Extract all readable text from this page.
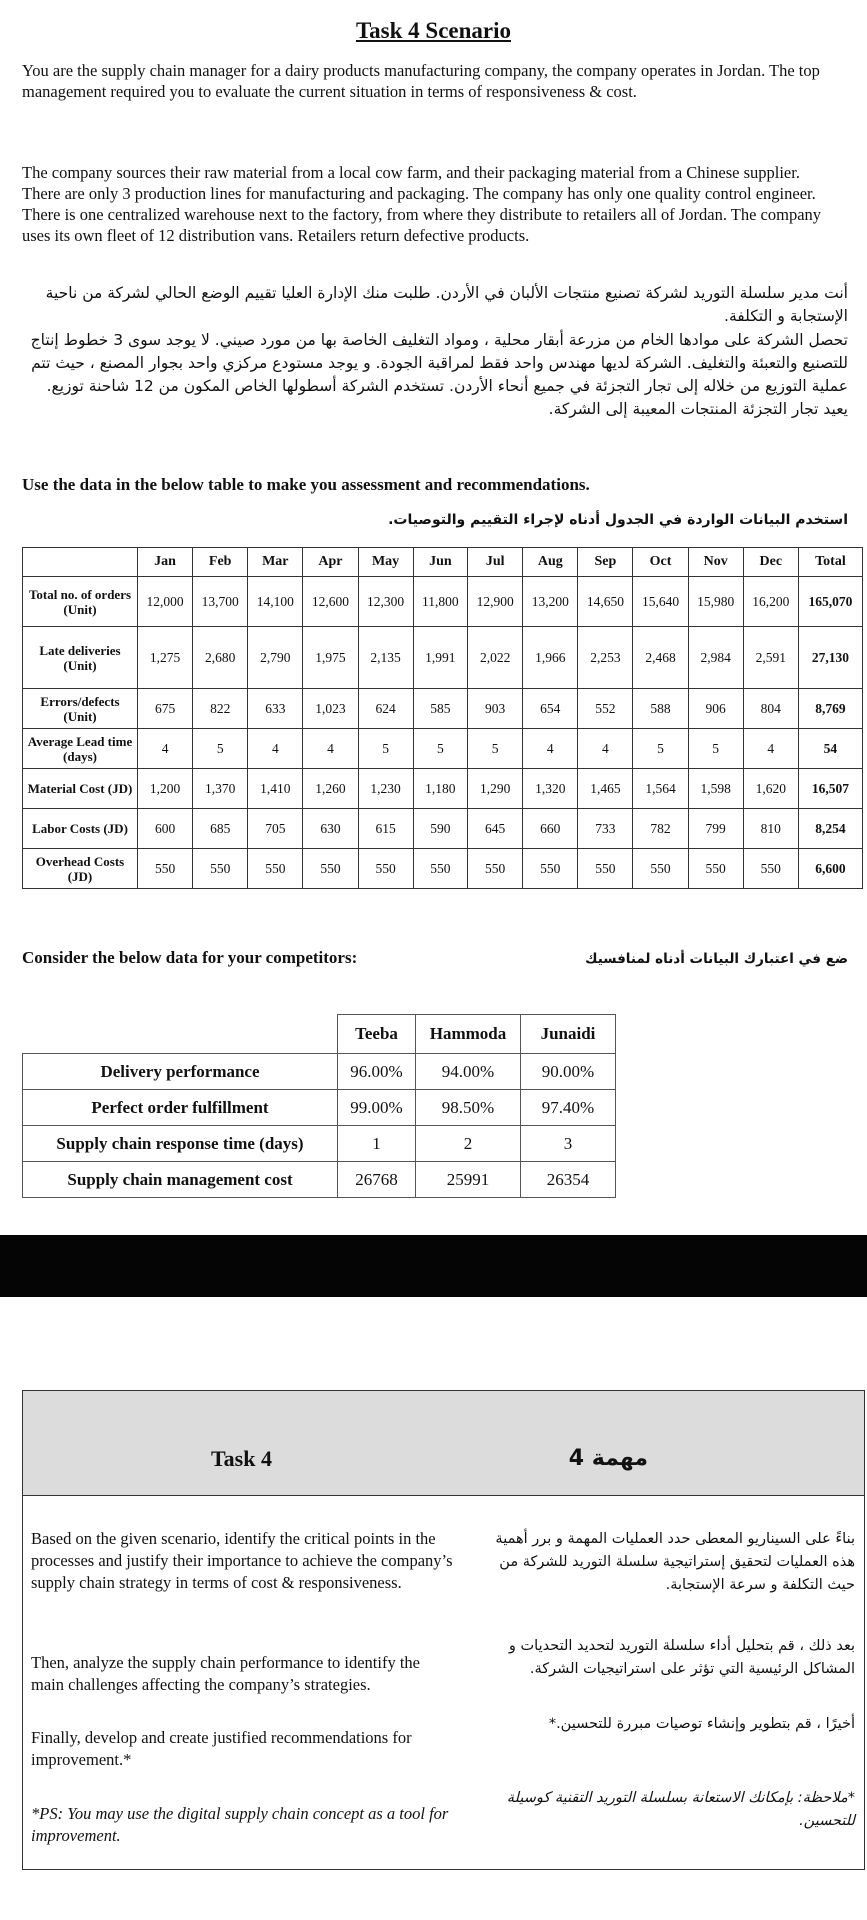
Task 4 Scenario
You are the supply chain manager for a dairy products manufacturing company, the company operates in Jordan. The top management required you to evaluate the current situation in terms of responsiveness & cost.
The company sources their raw material from a local cow farm, and their packaging material from a Chinese supplier. There are only 3 production lines for manufacturing and packaging. The company has only one quality control engineer. There is one centralized warehouse next to the factory, from where they distribute to retailers all of Jordan. The company uses its own fleet of 12 distribution vans. Retailers return defective products.
أنت مدير سلسلة التوريد لشركة تصنيع منتجات الألبان في الأردن. طلبت منك الإدارة العليا تقييم الوضع الحالي لشركة من ناحية الإستجابة و التكلفة.
تحصل الشركة على موادها الخام من مزرعة أبقار محلية ، ومواد التغليف الخاصة بها من مورد صيني. لا يوجد سوى 3 خطوط إنتاج للتصنيع والتعبئة والتغليف. الشركة لديها مهندس واحد فقط لمراقبة الجودة. و يوجد مستودع مركزي واحد بجوار المصنع ، حيث تتم عملية التوزيع من خلاله إلى تجار التجزئة في جميع أنحاء الأردن. تستخدم الشركة أسطولها الخاص المكون من 12 شاحنة توزيع. يعيد تجار التجزئة المنتجات المعيبة إلى الشركة.
Use the data in the below table to make you assessment and recommendations.
استخدم البيانات الواردة في الجدول أدناه لإجراء التقييم والتوصيات.
	Jan	Feb	Mar	Apr	May	Jun	Jul	Aug	Sep	Oct	Nov	Dec	Total
Total no. of orders (Unit)	12,000	13,700	14,100	12,600	12,300	11,800	12,900	13,200	14,650	15,640	15,980	16,200	165,070
Late deliveries (Unit)	1,275	2,680	2,790	1,975	2,135	1,991	2,022	1,966	2,253	2,468	2,984	2,591	27,130
Errors/defects (Unit)	675	822	633	1,023	624	585	903	654	552	588	906	804	8,769
Average Lead time (days)	4	5	4	4	5	5	5	4	4	5	5	4	54
Material Cost (JD)	1,200	1,370	1,410	1,260	1,230	1,180	1,290	1,320	1,465	1,564	1,598	1,620	16,507
Labor Costs (JD)	600	685	705	630	615	590	645	660	733	782	799	810	8,254
Overhead Costs (JD)	550	550	550	550	550	550	550	550	550	550	550	550	6,600
Consider the below data for your competitors:	ضع في اعتبارك البيانات أدناه لمنافسيك
	Teeba	Hammoda	Junaidi
Delivery performance	96.00%	94.00%	90.00%
Perfect order fulfillment	99.00%	98.50%	97.40%
Supply chain response time (days)	1	2	3
Supply chain management cost	26768	25991	26354
Task 4	مهمة 4
Based on the given scenario, identify the critical points in the processes and justify their importance to achieve the company’s supply chain strategy in terms of cost & responsiveness.
Then, analyze the supply chain performance to identify the main challenges affecting the company’s strategies.
Finally, develop and create justified recommendations for improvement.*
*PS: You may use the digital supply chain concept as a tool for improvement.
بناءً على السيناريو المعطى حدد العمليات المهمة و برر أهمية هذه العمليات لتحقيق إستراتيجية سلسلة التوريد للشركة من حيث التكلفة و سرعة الإستجابة.
بعد ذلك ، قم بتحليل أداء سلسلة التوريد لتحديد التحديات و المشاكل الرئيسية التي تؤثر على استراتيجيات الشركة.
أخيرًا ، قم بتطوير وإنشاء توصيات مبررة للتحسين.*
*ملاحظة: بإمكانك الاستعانة بسلسلة التوريد التقنية كوسيلة للتحسين.
